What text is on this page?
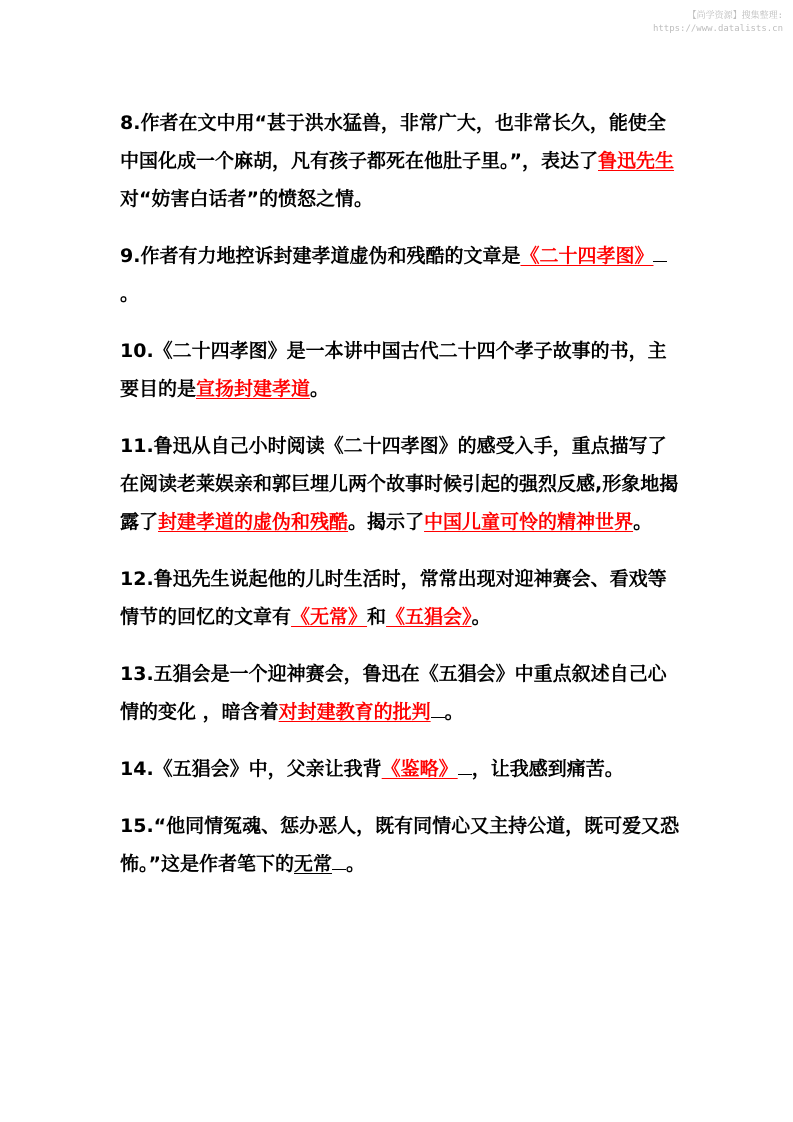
【尚学资源】搜集整理:
https://www.datalists.cn

8.作者在文中用“甚于洪水猛兽，非常广大，也非常长久，能使全中国化成一个麻胡，凡有孩子都死在他肚子里。”，表达了鲁迅先生对“妨害白话者”的愤怒之情。

9.作者有力地控诉封建孝道虚伪和残酷的文章是《二十四孝图》。

10.《二十四孝图》是一本讲中国古代二十四个孝子故事的书，主要目的是宣扬封建孝道。

11.鲁迅从自己小时阅读《二十四孝图》的感受入手，重点描写了在阅读老莱娱亲和郭巨埋儿两个故事时候引起的强烈反感,形象地揭露了封建孝道的虚伪和残酷。揭示了中国儿童可怜的精神世界。

12.鲁迅先生说起他的儿时生活时，常常出现对迎神赛会、看戏等情节的回忆的文章有《无常》和《五猖会》。

13.五猖会是一个迎神赛会，鲁迅在《五猖会》中重点叙述自己心情的变化 ，暗含着对封建教育的批判 。

14.《五猖会》中，父亲让我背《鉴略》 ，让我感到痛苦。

15.“他同情冤魂、惩办恶人，既有同情心又主持公道，既可爱又恐怖。”这是作者笔下的无常 。
